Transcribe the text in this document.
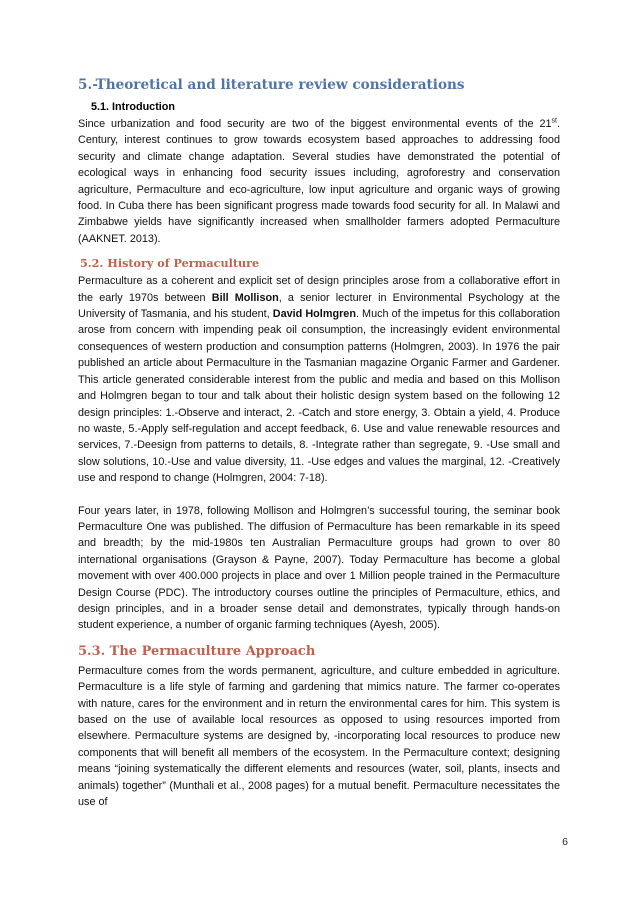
5.-Theoretical and literature review considerations
5.1. Introduction

Since urbanization and food security are two of the biggest environmental events of the 21st. Century, interest continues to grow towards ecosystem based approaches to addressing food security and climate change adaptation. Several studies have demonstrated the potential of ecological ways in enhancing food security issues including, agroforestry and conservation agriculture, Permaculture and eco-agriculture, low input agriculture and organic ways of growing food. In Cuba there has been significant progress made towards food security for all. In Malawi and Zimbabwe yields have significantly increased when smallholder farmers adopted Permaculture (AAKNET. 2013).

5.2. History of Permaculture

Permaculture as a coherent and explicit set of design principles arose from a collaborative effort in the early 1970s between Bill Mollison, a senior lecturer in Environmental Psychology at the University of Tasmania, and his student, David Holmgren. Much of the impetus for this collaboration arose from concern with impending peak oil consumption, the increasingly evident environmental consequences of western production and consumption patterns (Holmgren, 2003). In 1976 the pair published an article about Permaculture in the Tasmanian magazine Organic Farmer and Gardener. This article generated considerable interest from the public and media and based on this Mollison and Holmgren began to tour and talk about their holistic design system based on the following 12 design principles: 1.-Observe and interact, 2. -Catch and store energy, 3. Obtain a yield, 4. Produce no waste, 5.-Apply self-regulation and accept feedback, 6. Use and value renewable resources and services, 7.-Deesign from patterns to details, 8. -Integrate rather than segregate, 9. -Use small and slow solutions, 10.-Use and value diversity, 11. -Use edges and values the marginal, 12. -Creatively use and respond to change (Holmgren, 2004: 7-18).

Four years later, in 1978, following Mollison and Holmgren’s successful touring, the seminar book Permaculture One was published. The diffusion of Permaculture has been remarkable in its speed and breadth; by the mid-1980s ten Australian Permaculture groups had grown to over 80 international organisations (Grayson & Payne, 2007). Today Permaculture has become a global movement with over 400.000 projects in place and over 1 Million people trained in the Permaculture Design Course (PDC). The introductory courses outline the principles of Permaculture, ethics, and design principles, and in a broader sense detail and demonstrates, typically through hands-on student experience, a number of organic farming techniques (Ayesh, 2005).

5.3. The Permaculture Approach

Permaculture comes from the words permanent, agriculture, and culture embedded in agriculture. Permaculture is a life style of farming and gardening that mimics nature. The farmer co-operates with nature, cares for the environment and in return the environmental cares for him. This system is based on the use of available local resources as opposed to using resources imported from elsewhere. Permaculture systems are designed by, -incorporating local resources to produce new components that will benefit all members of the ecosystem. In the Permaculture context; designing means “joining systematically the different elements and resources (water, soil, plants, insects and animals) together” (Munthali et al., 2008 pages) for a mutual benefit. Permaculture necessitates the use of

6
